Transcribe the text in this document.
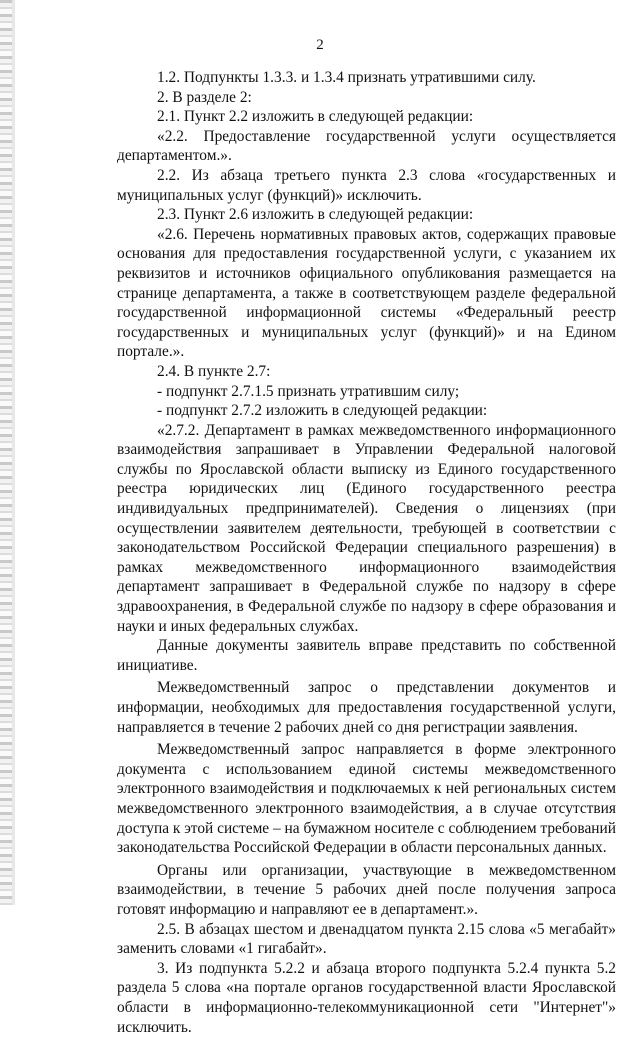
2

1.2. Подпункты 1.3.3. и 1.3.4 признать утратившими силу.

2. В разделе 2:

2.1. Пункт 2.2 изложить в следующей редакции:

«2.2. Предоставление государственной услуги осуществляется департаментом.».

2.2. Из абзаца третьего пункта 2.3 слова «государственных и муниципальных услуг (функций)» исключить.

2.3. Пункт 2.6 изложить в следующей редакции:

«2.6. Перечень нормативных правовых актов, содержащих правовые основания для предоставления государственной услуги, с указанием их реквизитов и источников официального опубликования размещается на странице департамента, а также в соответствующем разделе федеральной государственной информационной системы «Федеральный реестр государственных и муниципальных услуг (функций)» и на Едином портале.».

2.4. В пункте 2.7:

- подпункт 2.7.1.5 признать утратившим силу;

- подпункт 2.7.2 изложить в следующей редакции:

«2.7.2. Департамент в рамках межведомственного информационного взаимодействия запрашивает в Управлении Федеральной налоговой службы по Ярославской области выписку из Единого государственного реестра юридических лиц (Единого государственного реестра индивидуальных предпринимателей). Сведения о лицензиях (при осуществлении заявителем деятельности, требующей в соответствии с законодательством Российской Федерации специального разрешения) в рамках межведомственного информационного взаимодействия департамент запрашивает в Федеральной службе по надзору в сфере здравоохранения, в Федеральной службе по надзору в сфере образования и науки и иных федеральных службах.

Данные документы заявитель вправе представить по собственной инициативе.

Межведомственный запрос о представлении документов и информации, необходимых для предоставления государственной услуги, направляется в течение 2 рабочих дней со дня регистрации заявления.

Межведомственный запрос направляется в форме электронного документа с использованием единой системы межведомственного электронного взаимодействия и подключаемых к ней региональных систем межведомственного электронного взаимодействия, а в случае отсутствия доступа к этой системе – на бумажном носителе с соблюдением требований законодательства Российской Федерации в области персональных данных.

Органы или организации, участвующие в межведомственном взаимодействии, в течение 5 рабочих дней после получения запроса готовят информацию и направляют ее в департамент.».

2.5. В абзацах шестом и двенадцатом пункта 2.15 слова «5 мегабайт» заменить словами «1 гигабайт».

3. Из подпункта 5.2.2 и абзаца второго подпункта 5.2.4 пункта 5.2 раздела 5 слова «на портале органов государственной власти Ярославской области в информационно-телекоммуникационной сети "Интернет"» исключить.
